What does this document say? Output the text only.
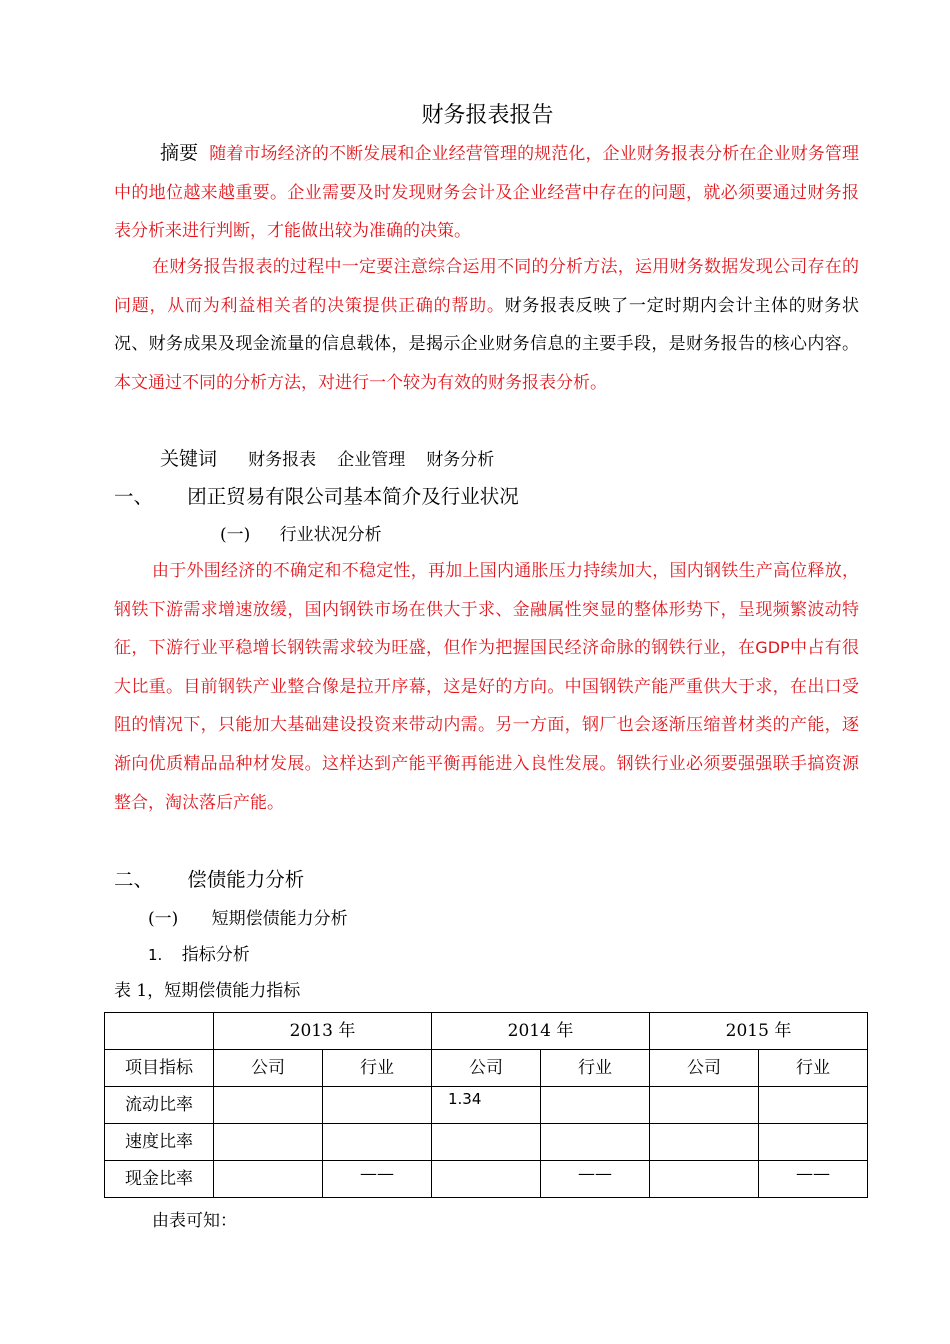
财务报表报告
摘要 随着市场经济的不断发展和企业经营管理的规范化，企业财务报表分析在企业财务管理中的地位越来越重要。企业需要及时发现财务会计及企业经营中存在的问题，就必须要通过财务报表分析来进行判断，才能做出较为准确的决策。
在财务报告报表的过程中一定要注意综合运用不同的分析方法，运用财务数据发现公司存在的问题，从而为利益相关者的决策提供正确的帮助。财务报表反映了一定时期内会计主体的财务状况、财务成果及现金流量的信息载体，是揭示企业财务信息的主要手段，是财务报告的核心内容。本文通过不同的分析方法，对进行一个较为有效的财务报表分析。
关键词 财务报表 企业管理 财务分析
一、 团正贸易有限公司基本简介及行业状况
(一) 行业状况分析
由于外围经济的不确定和不稳定性，再加上国内通胀压力持续加大，国内钢铁生产高位释放，钢铁下游需求增速放缓，国内钢铁市场在供大于求、金融属性突显的整体形势下，呈现频繁波动特征，下游行业平稳增长钢铁需求较为旺盛，但作为把握国民经济命脉的钢铁行业，在GDP中占有很大比重。目前钢铁产业整合像是拉开序幕，这是好的方向。中国钢铁产能严重供大于求，在出口受阻的情况下，只能加大基础建设投资来带动内需。另一方面，钢厂也会逐渐压缩普材类的产能，逐渐向优质精品品种材发展。这样达到产能平衡再能进入良性发展。钢铁行业必须要强强联手搞资源整合，淘汰落后产能。
二、 偿债能力分析
(一) 短期偿债能力分析
1. 指标分析
表 1，短期偿债能力指标

	2013 年		2014 年		2015 年	

项目指标	公司	行业	公司	行业	公司	行业

流动比率			1.34			

速度比率						

现金比率		——		——		——
由表可知：
